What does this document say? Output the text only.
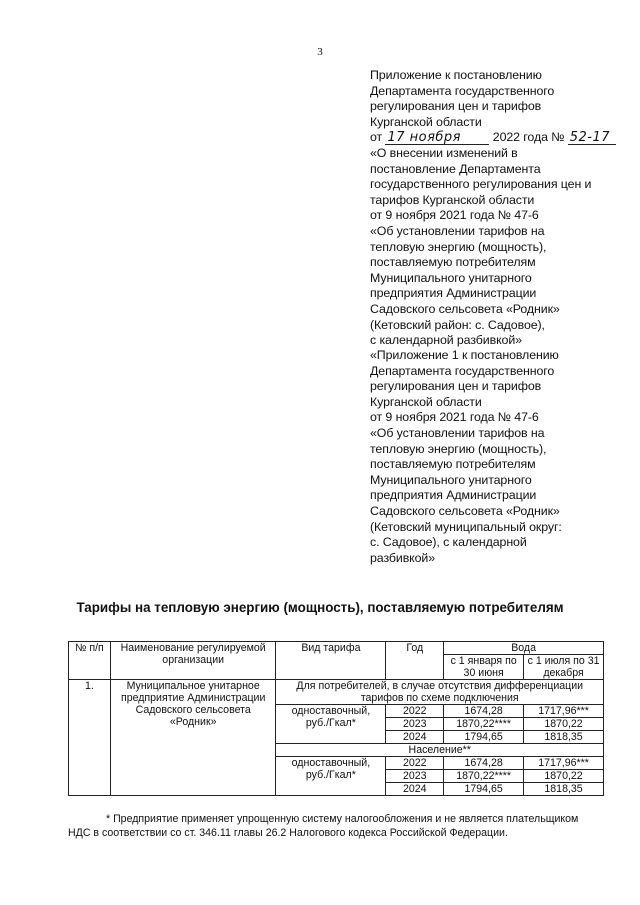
3

Приложение к постановлению

Департамента государственного

регулирования цен и тарифов

Курганской области

от 17 ноября	2022 года № 52-17

«О внесении изменений в

постановление Департамента

государственного регулирования цен и

тарифов Курганской области

от 9 ноября 2021 года № 47-6

«Об установлении тарифов на

тепловую энергию (мощность),

поставляемую потребителям

Муниципального унитарного

предприятия Администрации

Садовского сельсовета «Родник»

(Кетовский район: с. Садовое),

с календарной разбивкой»

«Приложение 1 к постановлению

Департамента государственного

регулирования цен и тарифов

Курганской области

от 9 ноября 2021 года № 47-6

«Об установлении тарифов на

тепловую энергию (мощность),

поставляемую потребителям

Муниципального унитарного

предприятия Администрации

Садовского сельсовета «Родник»

(Кетовский муниципальный округ:

с. Садовое), с календарной

разбивкой»

Тарифы на тепловую энергию (мощность), поставляемую потребителям
№ п/п	Наименование регулируемой организации	Вид тарифа	Год	Вода	
				с 1 января по 30 июня	с 1 июля по 31 декабря
1.	Муниципальное унитарное предприятие Администрации Садовского сельсовета «Родник»	Для потребителей, в случае отсутствия дифференциации тарифов по схеме подключения			
		одноставочный, руб./Гкал*	2022	1674,28	1717,96***
			2023	1870,22****	1870,22
			2024	1794,65	1818,35
		Население**			
		одноставочный, руб./Гкал*	2022	1674,28	1717,96***
			2023	1870,22****	1870,22
			2024	1794,65	1818,35
* Предприятие применяет упрощенную систему налогообложения и не является плательщиком
НДС в соответствии со ст. 346.11 главы 26.2 Налогового кодекса Российской Федерации.
